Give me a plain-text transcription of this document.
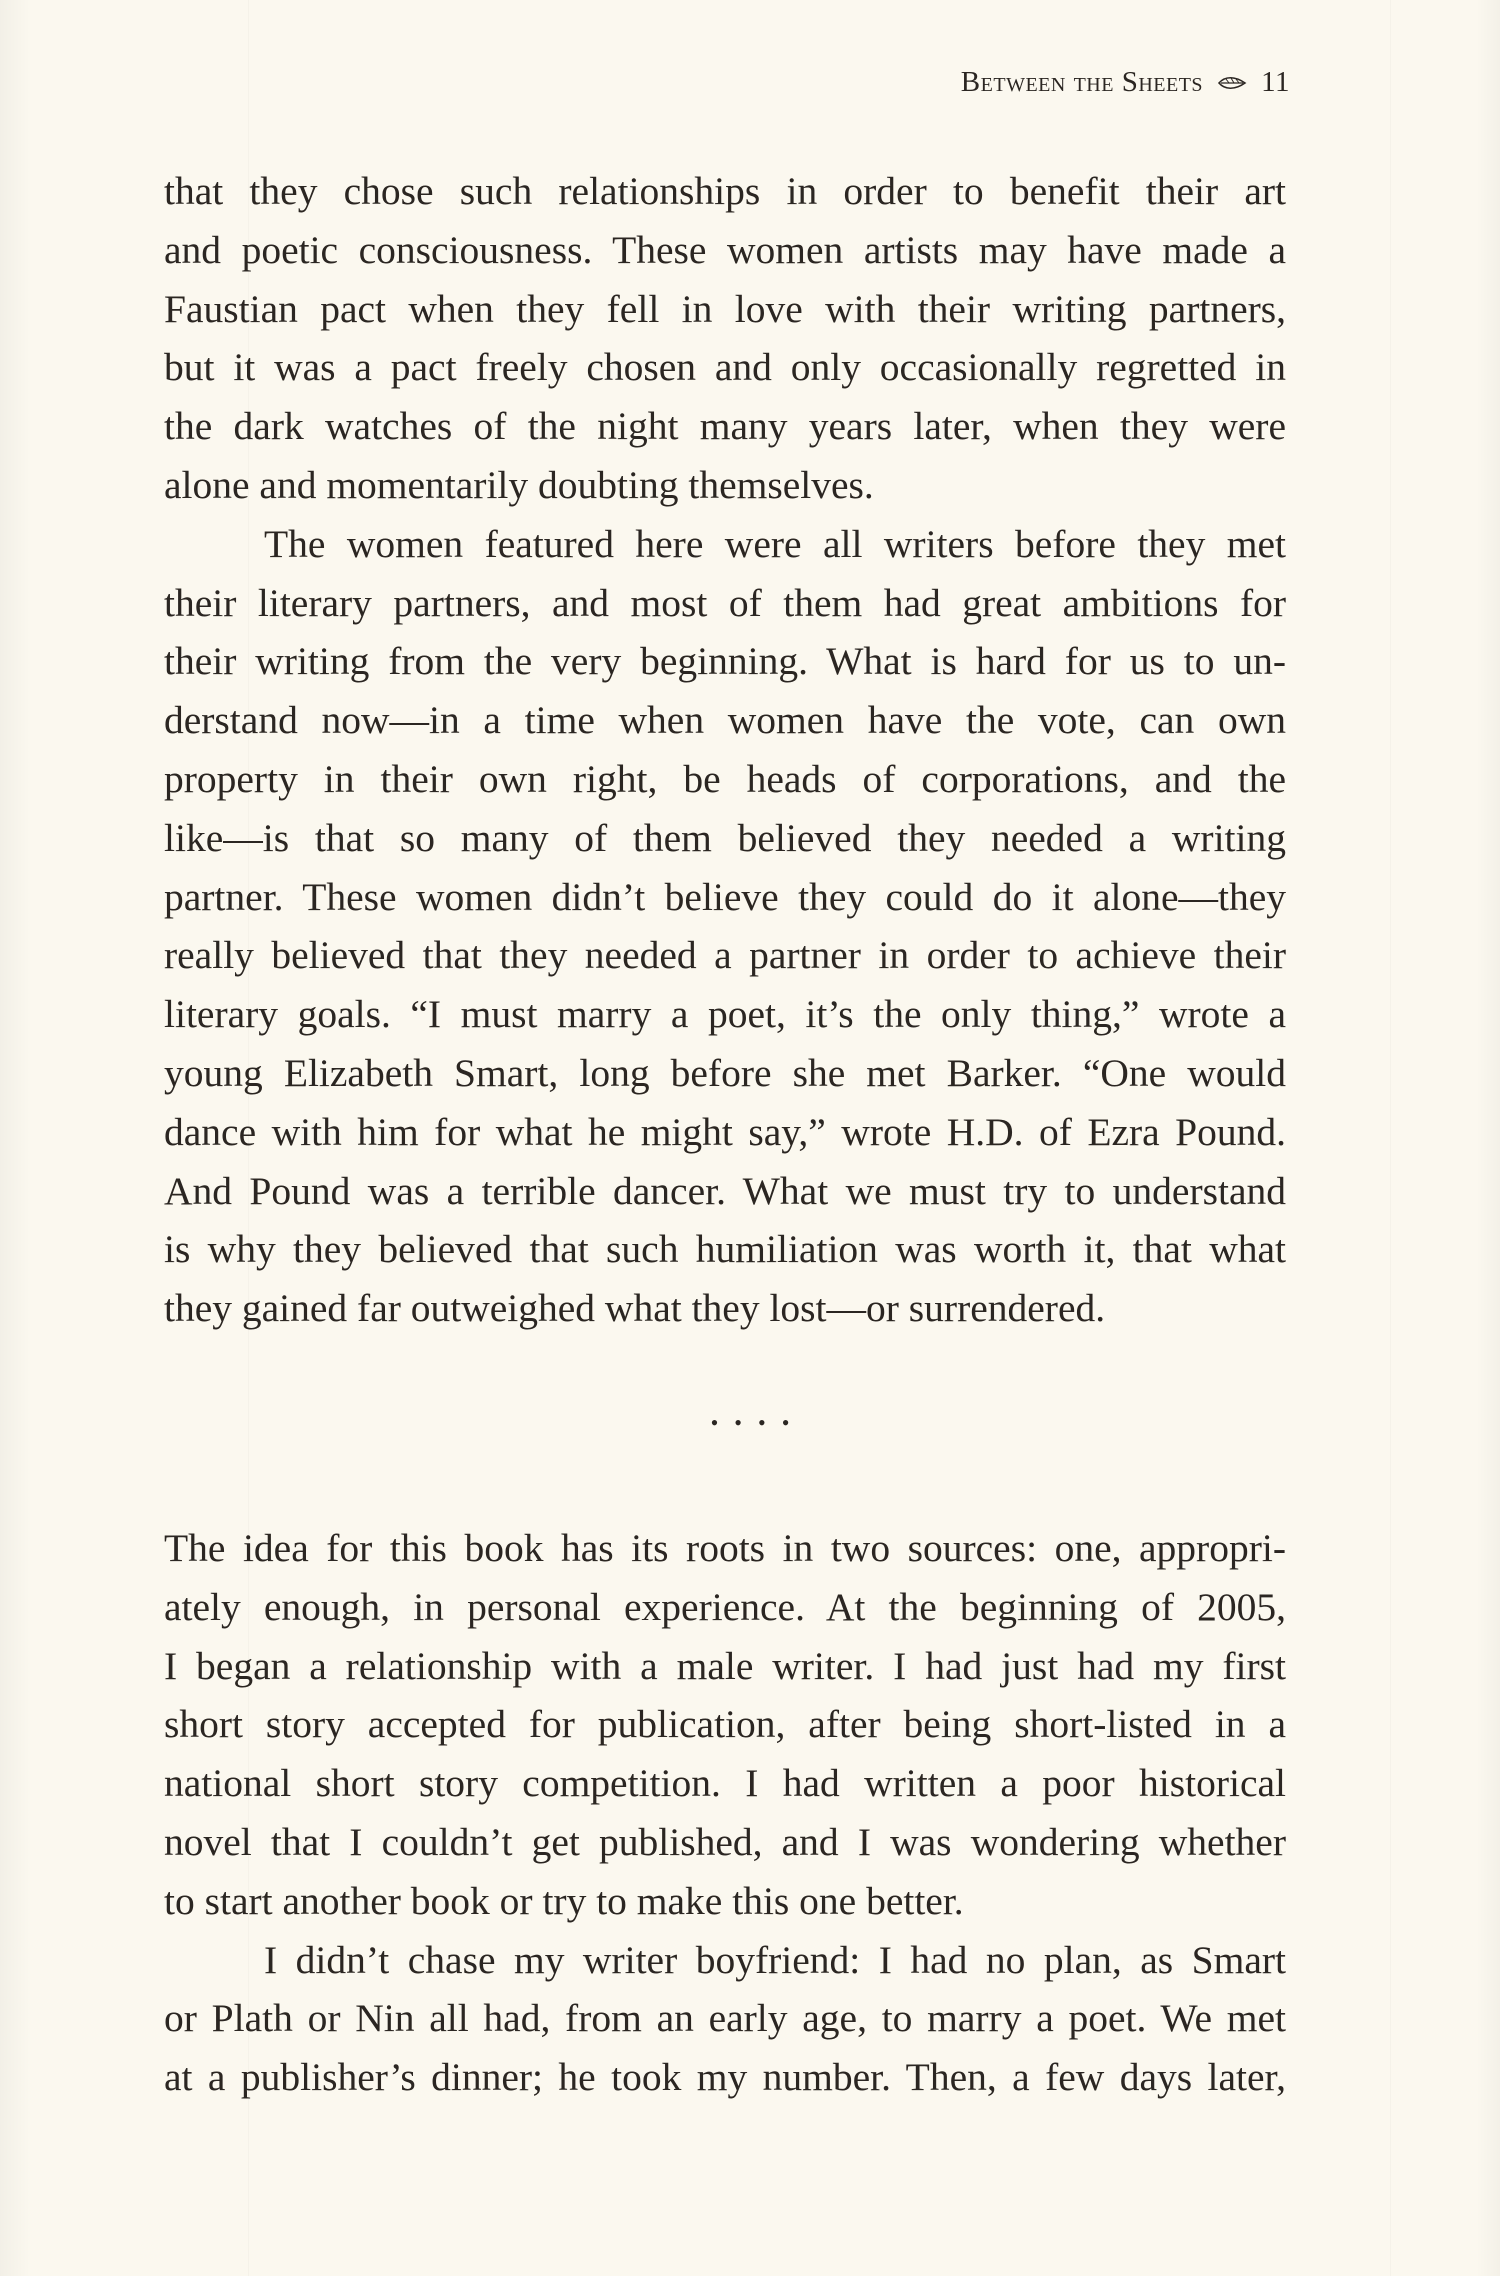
Between the Sheets 11

that they chose such relationships in order to benefit their art
and poetic consciousness. These women artists may have made a
Faustian pact when they fell in love with their writing partners,
but it was a pact freely chosen and only occasionally regretted in
the dark watches of the night many years later, when they were
alone and momentarily doubting themselves.

The women featured here were all writers before they met
their literary partners, and most of them had great ambitions for
their writing from the very beginning. What is hard for us to un-
derstand now—in a time when women have the vote, can own
property in their own right, be heads of corporations, and the
like—is that so many of them believed they needed a writing
partner. These women didn’t believe they could do it alone—they
really believed that they needed a partner in order to achieve their
literary goals. “I must marry a poet, it’s the only thing,” wrote a
young Elizabeth Smart, long before she met Barker. “One would
dance with him for what he might say,” wrote H.D. of Ezra Pound.
And Pound was a terrible dancer. What we must try to understand
is why they believed that such humiliation was worth it, that what
they gained far outweighed what they lost—or surrendered.

••••

The idea for this book has its roots in two sources: one, appropri-
ately enough, in personal experience. At the beginning of 2005,
I began a relationship with a male writer. I had just had my first
short story accepted for publication, after being short-listed in a
national short story competition. I had written a poor historical
novel that I couldn’t get published, and I was wondering whether
to start another book or try to make this one better.

I didn’t chase my writer boyfriend: I had no plan, as Smart
or Plath or Nin all had, from an early age, to marry a poet. We met
at a publisher’s dinner; he took my number. Then, a few days later,
